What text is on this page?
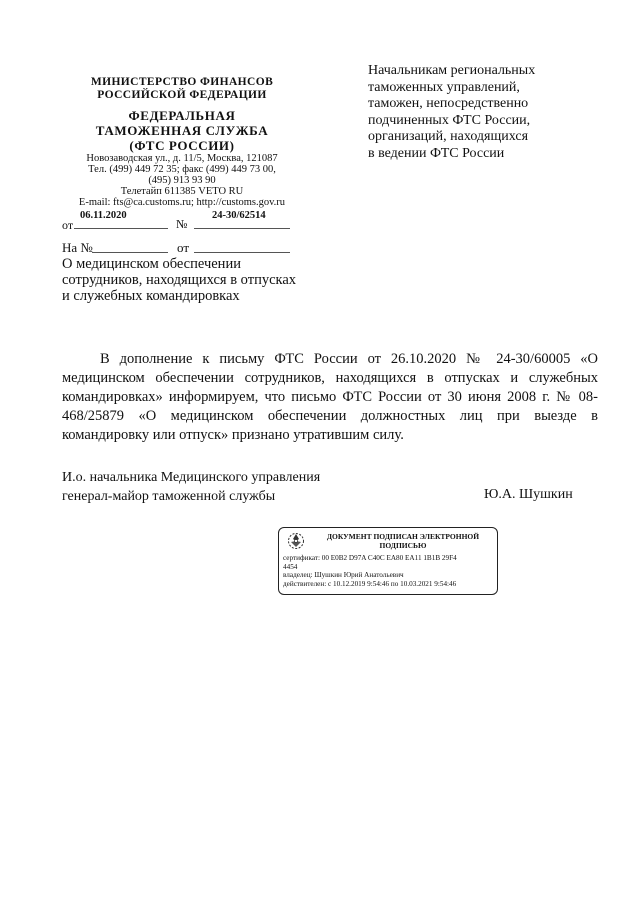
МИНИСТЕРСТВО ФИНАНСОВ
РОССИЙСКОЙ ФЕДЕРАЦИИ
ФЕДЕРАЛЬНАЯ
ТАМОЖЕННАЯ СЛУЖБА
(ФТС РОССИИ)
Новозаводская ул., д. 11/5, Москва, 121087
Тел. (499) 449 72 35; факс (499) 449 73 00,
(495) 913 93 90
Телетайп 611385 VETO RU
E-mail: fts@ca.customs.ru; http://customs.gov.ru
Начальникам региональных
таможенных управлений,
таможен, непосредственно
подчиненных ФТС России,
организаций, находящихся
в ведении ФТС России
от
06.11.2020
№
24-30/62514
На №	от
О медицинском обеспечении
сотрудников, находящихся в отпусках
и служебных командировках
В дополнение к письму ФТС России от 26.10.2020 № 24-30/60005 «О медицинском обеспечении сотрудников, находящихся в отпусках и служебных командировках» информируем, что письмо ФТС России от 30 июня 2008 г. № 08-468/25879 «О медицинском обеспечении должностных лиц при выезде в командировку или отпуск» признано утратившим силу.
И.о. начальника Медицинского управления
генерал-майор таможенной службы	Ю.А. Шушкин
ДОКУМЕНТ ПОДПИСАН ЭЛЕКТРОННОЙ
ПОДПИСЬЮ
сертификат: 00 E0B2 D97A C40C EA80 EA11 1B1B 29F4
4454
владелец: Шушкин Юрий Анатольевич
действителен: с 10.12.2019 9:54:46 по 10.03.2021 9:54:46
